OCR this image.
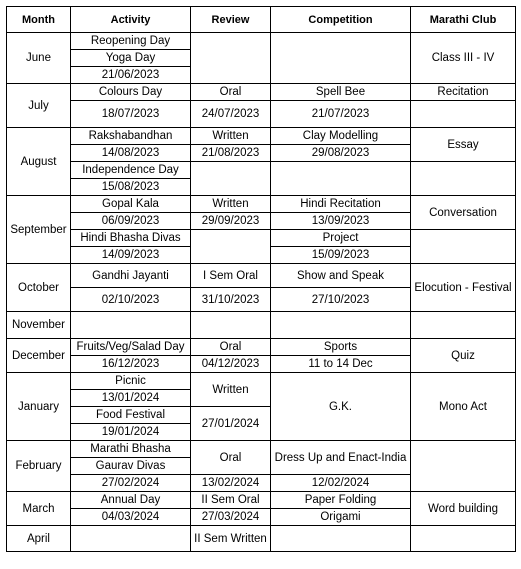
Month	Activity	Review	Competition	Marathi Club
June	Reopening Day			Class III - IV
	Yoga Day			
	21/06/2023			
July	Colours Day	Oral	Spell Bee	Recitation
	18/07/2023	24/07/2023	21/07/2023	
August	Rakshabandhan	Written	Clay Modelling	Essay
	14/08/2023	21/08/2023	29/08/2023	
	Independence Day			
	15/08/2023			
September	Gopal Kala	Written	Hindi Recitation	Conversation
	06/09/2023	29/09/2023	13/09/2023	
	Hindi Bhasha Divas		Project	
	14/09/2023		15/09/2023	
October	Gandhi Jayanti	I Sem Oral	Show and Speak	Elocution - Festival
	02/10/2023	31/10/2023	27/10/2023	
November				
December	Fruits/Veg/Salad Day	Oral	Sports	Quiz
	16/12/2023	04/12/2023	11 to 14 Dec	
January	Picnic	Written	G.K.	Mono Act
	13/01/2024			
	Food Festival	27/01/2024		
	19/01/2024			
February	Marathi Bhasha	Oral	Dress Up and Enact-India	
	Gaurav Divas			
	27/02/2024	13/02/2024	12/02/2024	
March	Annual Day	II Sem Oral	Paper Folding	Word building
	04/03/2024	27/03/2024	Origami	
April		II Sem Written		
